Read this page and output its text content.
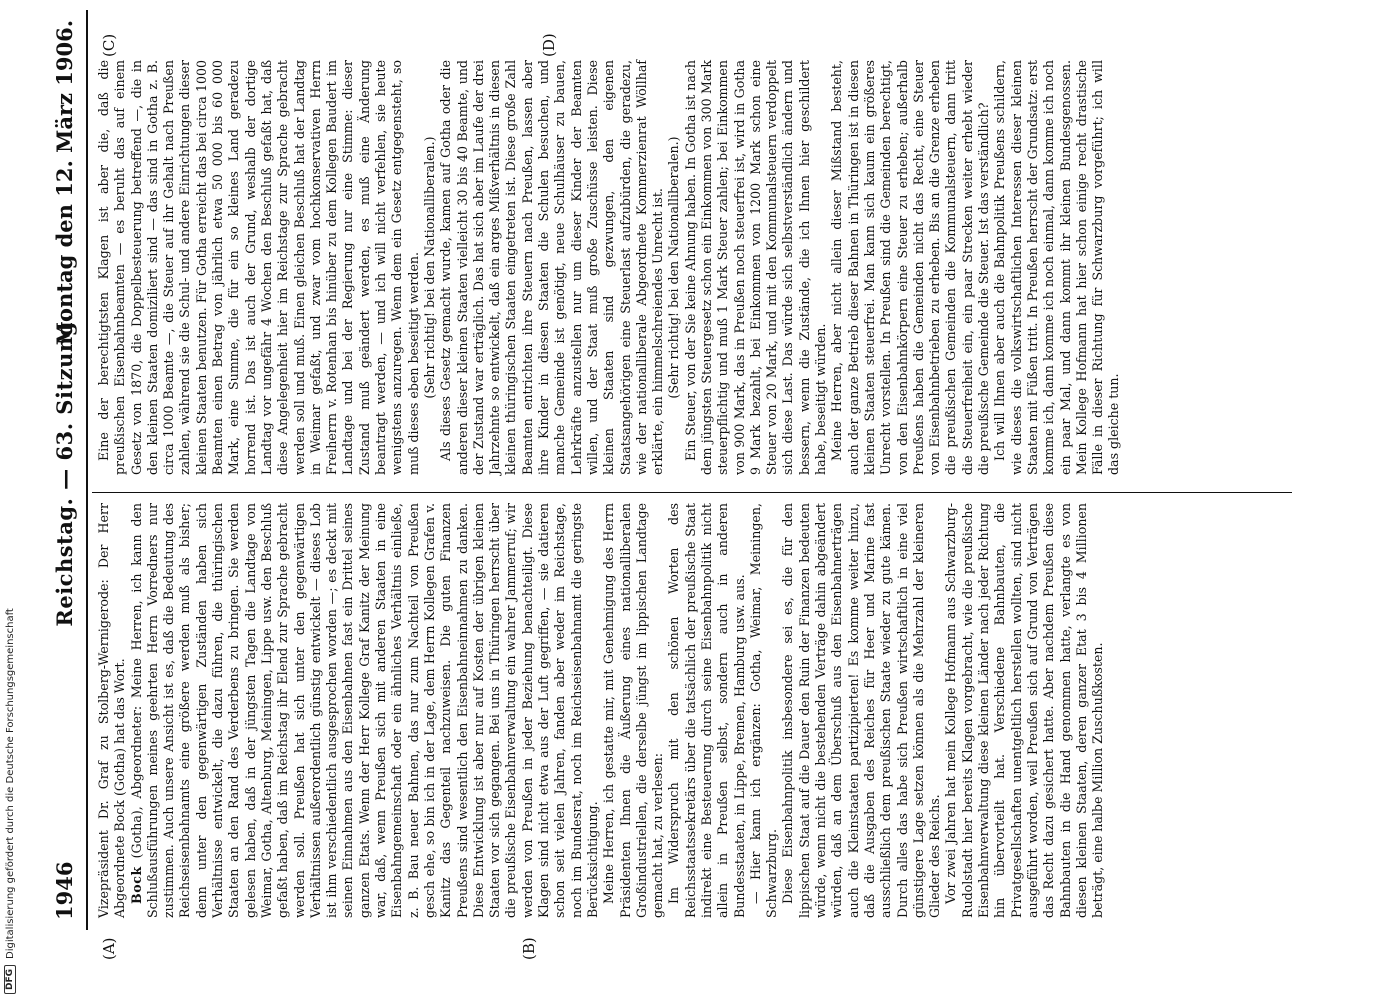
DFG
Digitalisierung gefördert durch die Deutsche Forschungsgemeinschaft 1946
Reichstag. — 63. Sitzung.
Montag den 12. März 1906.
(A)	(B)
(C)	(D)

Vizepräsident Dr. Graf zu Stolberg-Wernigerode: Der Herr Abgeordnete Bock (Gotha) hat das Wort. Bock (Gotha), Abgeordneter: Meine Herren, ich kann den Schlußausführungen meines geehrten Herrn Vorredners nur zustimmen. Auch unsere Ansicht ist es, daß die Bedeutung des Reichseisenbahnamts eine größere werden muß als bisher; denn unter den gegenwärtigen Zuständen haben sich Verhältnisse entwickelt, die dazu führen, die thüringischen Staaten an den Rand des Verderbens zu bringen. Sie werden gelesen haben, daß in der jüngsten Tagen die Landtage von Weimar, Gotha, Altenburg, Meiningen, Lippe usw. den Beschluß gefaßt haben, daß im Reichstag ihr Elend zur Sprache gebracht werden soll. Preußen hat sich unter den gegenwärtigen Verhältnissen außerordentlich günstig entwickelt — dieses Lob ist ihm verschiedentlich ausgesprochen worden —; es deckt mit seinen Einnahmen aus den Eisenbahnen fast ein Drittel seines ganzen Etats. Wenn der Herr Kollege Graf Kanitz der Meinung war, daß, wenn Preußen sich mit anderen Staaten in eine Eisenbahngemeinschaft oder ein ähnliches Verhältnis einließe, z. B. Bau neuer Bahnen, das nur zum Nachteil von Preußen gesch ehe, so bin ich in der Lage, dem Herrn Kollegen Grafen v. Kanitz das Gegenteil nachzuweisen. Die guten Finanzen Preußens sind wesentlich den Eisenbahneinnahmen zu danken. Diese Entwicklung ist aber nur auf Kosten der übrigen kleinen Staaten vor sich gegangen. Bei uns in Thüringen herrscht über die preußische Eisenbahnverwaltung ein wahrer Jammerruf; wir werden von Preußen in jeder Beziehung benachteiligt. Diese Klagen sind nicht etwa aus der Luft gegriffen, — sie datieren schon seit vielen Jahren, fanden aber weder im Reichstage, noch im Bundesrat, noch im Reichseisenbahnamt die geringste Berücksichtigung. Meine Herren, ich gestatte mir, mit Genehmigung des Herrn Präsidenten Ihnen die Äußerung eines nationalliberalen Großindustriellen, die derselbe jüngst im lippischen Landtage gemacht hat, zu verlesen: Im Widerspruch mit den schönen Worten des Reichsstaatssekretärs über die tatsächlich der preußische Staat indirekt eine Besteuerung durch seine Eisenbahnpolitik nicht allein in Preußen selbst, sondern auch in anderen Bundesstaaten, in Lippe, Bremen, Hamburg usw. aus. — Hier kann ich ergänzen: Gotha, Weimar, Meiningen, Schwarzburg. Diese Eisenbahnpolitik insbesondere sei es, die für den lippischen Staat auf die Dauer den Ruin der Finanzen bedeuten würde, wenn nicht die bestehenden Verträge dahin abgeändert würden, daß an dem Überschuß aus den Eisenbahnerträgen auch die Kleinstaaten partizipierten! Es komme weiter hinzu, daß die Ausgaben des Reiches für Heer und Marine fast ausschließlich dem preußischen Staate wieder zu gute kämen. Durch alles das habe sich Preußen wirtschaftlich in eine viel günstigere Lage setzen können als die Mehrzahl der kleineren Glieder des Reichs. Vor zwei Jahren hat mein Kollege Hofmann aus Schwarzburg-Rudolstadt hier bereits Klagen vorgebracht, wie die preußische Eisenbahnverwaltung diese kleinen Länder nach jeder Richtung hin übervorteilt hat. Verschiedene Bahnbauten, die Privatgesellschaften unentgeltlich herstellen wollten, sind nicht ausgeführt worden, weil Preußen sich auf Grund von Verträgen das Recht dazu gesichert hatte. Aber nachdem Preußen diese Bahnbauten in die Hand genommen hatte, verlangte es von diesen kleinen Staaten, deren ganzer Etat 3 bis 4 Millionen beträgt, eine halbe Million Zuschußkosten.

Eine der berechtigtsten Klagen ist aber die, daß die preußischen Eisenbahnbeamten — es beruht das auf einem Gesetz von 1870, die Doppelbesteuerung betreffend —, die in den kleinen Staaten domiziliert sind — das sind in Gotha z. B. circa 1000 Beamte —, die Steuer auf ihr Gehalt nach Preußen zahlen, während sie die Schul- und andere Einrichtungen dieser kleinen Staaten benutzen. Für Gotha erreicht das bei circa 1000 Beamten einen Betrag von jährlich etwa 50 000 bis 60 000 Mark, eine Summe, die für ein so kleines Land geradezu horrend ist. Das ist auch der Grund, weshalb der dortige Landtag vor ungefähr 4 Wochen den Beschluß gefaßt hat, daß diese Angelegenheit hier im Reichstage zur Sprache gebracht werden soll und muß. Einen gleichen Beschluß hat der Landtag in Weimar gefaßt, und zwar vom hochkonservativen Herrn Freiherrn v. Rotenhan bis hinüber zu dem Kollegen Baudert im Landtage und bei der Regierung nur eine Stimme: dieser Zustand muß geändert werden, es muß eine Änderung beantragt werden, — und ich will nicht verfehlen, sie heute wenigstens anzuregen. Wenn dem ein Gesetz entgegensteht, so muß dieses eben beseitigt werden. (Sehr richtig! bei den Nationalliberalen.) Als dieses Gesetz gemacht wurde, kamen auf Gotha oder die anderen dieser kleinen Staaten vielleicht 30 bis 40 Beamte, und der Zustand war erträglich. Das hat sich aber im Laufe der drei Jahrzehnte so entwickelt, daß ein arges Mißverhältnis in diesen kleinen thüringischen Staaten eingetreten ist. Diese große Zahl Beamten entrichten ihre Steuern nach Preußen, lassen aber ihre Kinder in diesen Staaten die Schulen besuchen, und manche Gemeinde ist genötigt, neue Schulhäuser zu bauen, Lehrkräfte anzustellen nur um dieser Kinder der Beamten willen, und der Staat muß große Zuschüsse leisten. Diese kleinen Staaten sind gezwungen, den eigenen Staatsangehörigen eine Steuerlast aufzubürden, die geradezu, wie der nationalliberale Abgeordnete Kommerzienrat Wöllhaf erklärte, ein himmelschreiendes Unrecht ist. (Sehr richtig! bei den Nationalliberalen.) Ein Steuer, von der Sie keine Ahnung haben. In Gotha ist nach dem jüngsten Steuergesetz schon ein Einkommen von 300 Mark steuerpflichtig und muß 1 Mark Steuer zahlen; bei Einkommen von 900 Mark, das in Preußen noch steuerfrei ist, wird in Gotha 9 Mark bezahlt, bei Einkommen von 1200 Mark schon eine Steuer von 20 Mark, und mit den Kommunalsteuern verdoppelt sich diese Last. Das würde sich selbstverständlich ändern und bessern, wenn die Zustände, die ich Ihnen hier geschildert habe, beseitigt würden. Meine Herren, aber nicht allein dieser Mißstand besteht, auch der ganze Betrieb dieser Bahnen in Thüringen ist in diesen kleinen Staaten steuerfrei. Man kann sich kaum ein größeres Unrecht vorstellen. In Preußen sind die Gemeinden berechtigt, von den Eisenbahnkörpern eine Steuer zu erheben; außerhalb Preußens haben die Gemeinden nicht das Recht, eine Steuer von Eisenbahnbetrieben zu erheben. Bis an die Grenze erheben die preußischen Gemeinden die Kommunalsteuern, dann tritt die Steuerfreiheit ein, ein paar Strecken weiter erhebt wieder die preußische Gemeinde die Steuer. Ist das verständlich? Ich will Ihnen aber auch die Bahnpolitik Preußens schildern, wie dieses die volkswirtschaftlichen Interessen dieser kleinen Staaten mit Füßen tritt. In Preußen herrscht der Grundsatz: erst komme ich, dann komme ich noch einmal, dann komme ich noch ein paar Mal, und dann kommt ihr kleinen Bundesgenossen. Mein Kollege Hofmann hat hier schon einige recht drastische Fälle in dieser Richtung für Schwarzburg vorgeführt; ich will das gleiche tun.
